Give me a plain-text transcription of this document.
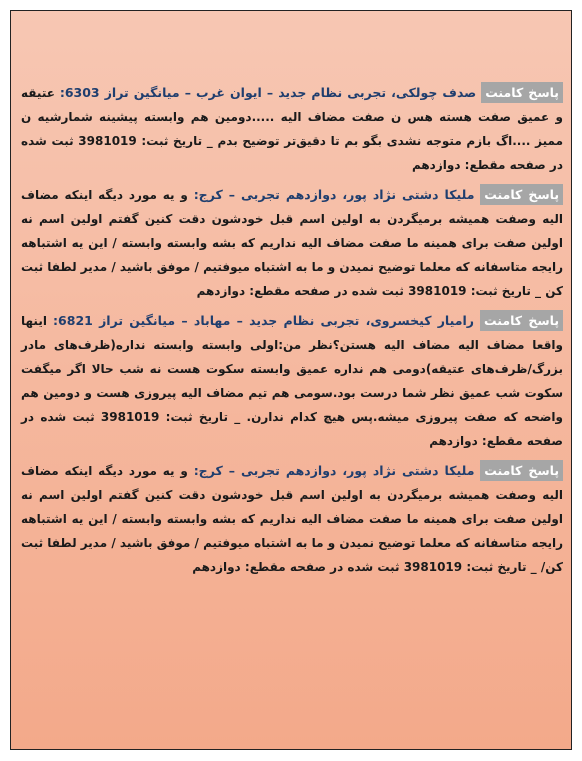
پاسخ کامنت صدف چولکی، تجربی نظام جدید – ایوان غرب – میانگین تراز 6303: عتیقه و عمیق صفت هسته هس ن صفت مضاف الیه .....دومین هم وابسته پیشینه شمارشیه ن ممیز ....اگ بازم متوجه نشدی بگو بم تا دقیق‌تر توضیح بدم _ تاریخ ثبت: 3981019 ثبت شده در صفحه مقطع: دوازدهم

پاسخ کامنت ملیکا دشتی نژاد پور، دوازدهم تجربی – کرج: و یه مورد دیگه اینکه مضاف الیه وصفت همیشه برمیگردن به اولین اسم قبل خودشون دقت کنین گفتم اولین اسم نه اولین صفت برای همینه ما صفت مضاف الیه نداریم که بشه وابسته وابسته / این یه اشتباهه رایجه متاسفانه که معلما توضیح نمیدن و ما به اشتباه میوفتیم / موفق باشید / مدیر لطفا ثبت کن _ تاریخ ثبت: 3981019 ثبت شده در صفحه مقطع: دوازدهم

پاسخ کامنت رامیار کیخسروی، تجربی نظام جدید – مهاباد – میانگین تراز 6821: اینها واقعا مضاف الیه مضاف الیه هستن؟نظر من:اولی وابسته وابسته نداره(ظرف‌های مادر بزرگ/ظرف‌های عتیقه)دومی هم نداره عمیق وابسته سکوت هست نه شب حالا اگر میگفت سکوت شب عمیق نظر شما درست بود.سومی هم تیم مضاف الیه پیروزی هست و دومین هم واضحه که صفت پیروزی میشه.پس هیچ کدام ندارن. _ تاریخ ثبت: 3981019 ثبت شده در صفحه مقطع: دوازدهم

پاسخ کامنت ملیکا دشتی نژاد پور، دوازدهم تجربی – کرج: و یه مورد دیگه اینکه مضاف الیه وصفت همیشه برمیگردن به اولین اسم قبل خودشون دقت کنین گفتم اولین اسم نه اولین صفت برای همینه ما صفت مضاف الیه نداریم که بشه وابسته وابسته / این یه اشتباهه رایجه متاسفانه که معلما توضیح نمیدن و ما به اشتباه میوفتیم / موفق باشید / مدیر لطفا ثبت کن/ _ تاریخ ثبت: 3981019 ثبت شده در صفحه مقطع: دوازدهم
